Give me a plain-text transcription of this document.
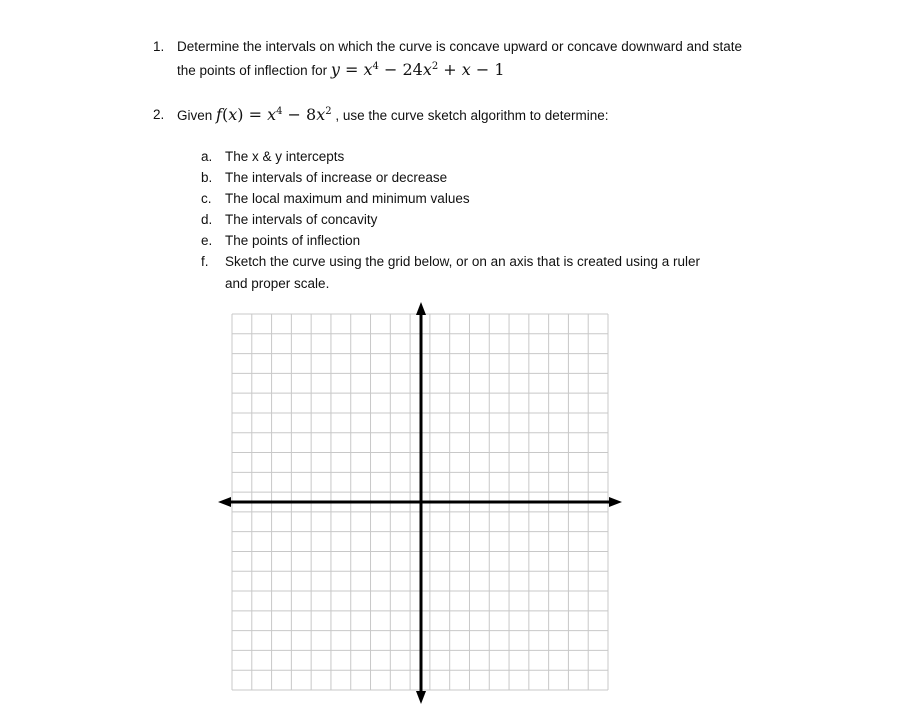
1. Determine the intervals on which the curve is concave upward or concave downward and state
the points of inflection for $y = x^4 - 24x^2 + x - 1$
2. Given $f(x) = x^4 - 8x^2$ , use the curve sketch algorithm to determine:
a. The x & y intercepts
b. The intervals of increase or decrease
c. The local maximum and minimum values
d. The intervals of concavity
e. The points of inflection
f. Sketch the curve using the grid below, or on an axis that is created using a ruler
and proper scale.
